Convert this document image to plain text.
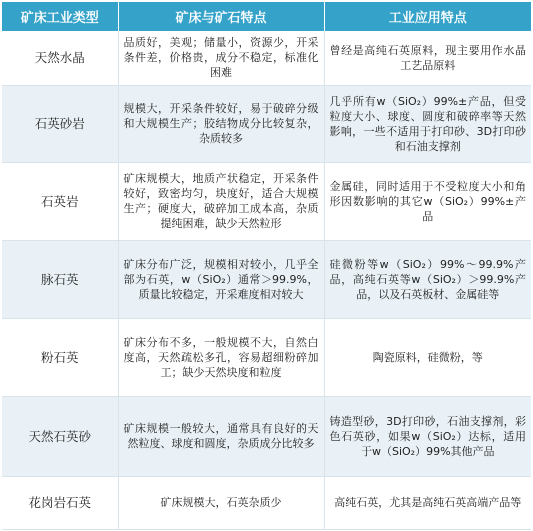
矿床工业类型	矿床与矿石特点	工业应用特点
天然水晶	品质好，美观；储量小，资源少，开采条件差，价格贵，成分不稳定，标准化困难	曾经是高纯石英原料，现主要用作水晶工艺品原料
石英砂岩	规模大，开采条件较好，易于破碎分级和大规模生产；胶结物成分比较复杂，杂质较多	几乎所有w（SiO₂）99%±产品，但受粒度大小、球度、圆度和破碎率等天然影响，一些不适用于打印砂、3D打印砂和石油支撑剂
石英岩	矿床规模大，地质产状稳定，开采条件较好，致密均匀，块度好，适合大规模生产；硬度大，破碎加工成本高，杂质提纯困难，缺少天然粒形	金属硅，同时适用于不受粒度大小和角形因数影响的其它w（SiO₂）99%±产品
脉石英	矿床分布广泛，规模相对较小，几乎全部为石英，w（SiO₂）通常＞99.9%，质量比较稳定，开采难度相对较大	硅微粉等w（SiO₂）99%～99.9%产品，高纯石英等w（SiO₂）＞99.9%产品，以及石英板材、金属硅等
粉石英	矿床分布不多，一般规模不大，自然白度高，天然疏松多孔，容易超细粉碎加工；缺少天然块度和粒度	陶瓷原料，硅微粉，等
天然石英砂	矿床规模一般较大，通常具有良好的天然粒度、球度和圆度，杂质成分比较多	铸造型砂，3D打印砂，石油支撑剂，彩色石英砂，如果w（SiO₂）达标，适用于w（SiO₂）99%其他产品
花岗岩石英	矿床规模大，石英杂质少	高纯石英，尤其是高纯石英高端产品等
